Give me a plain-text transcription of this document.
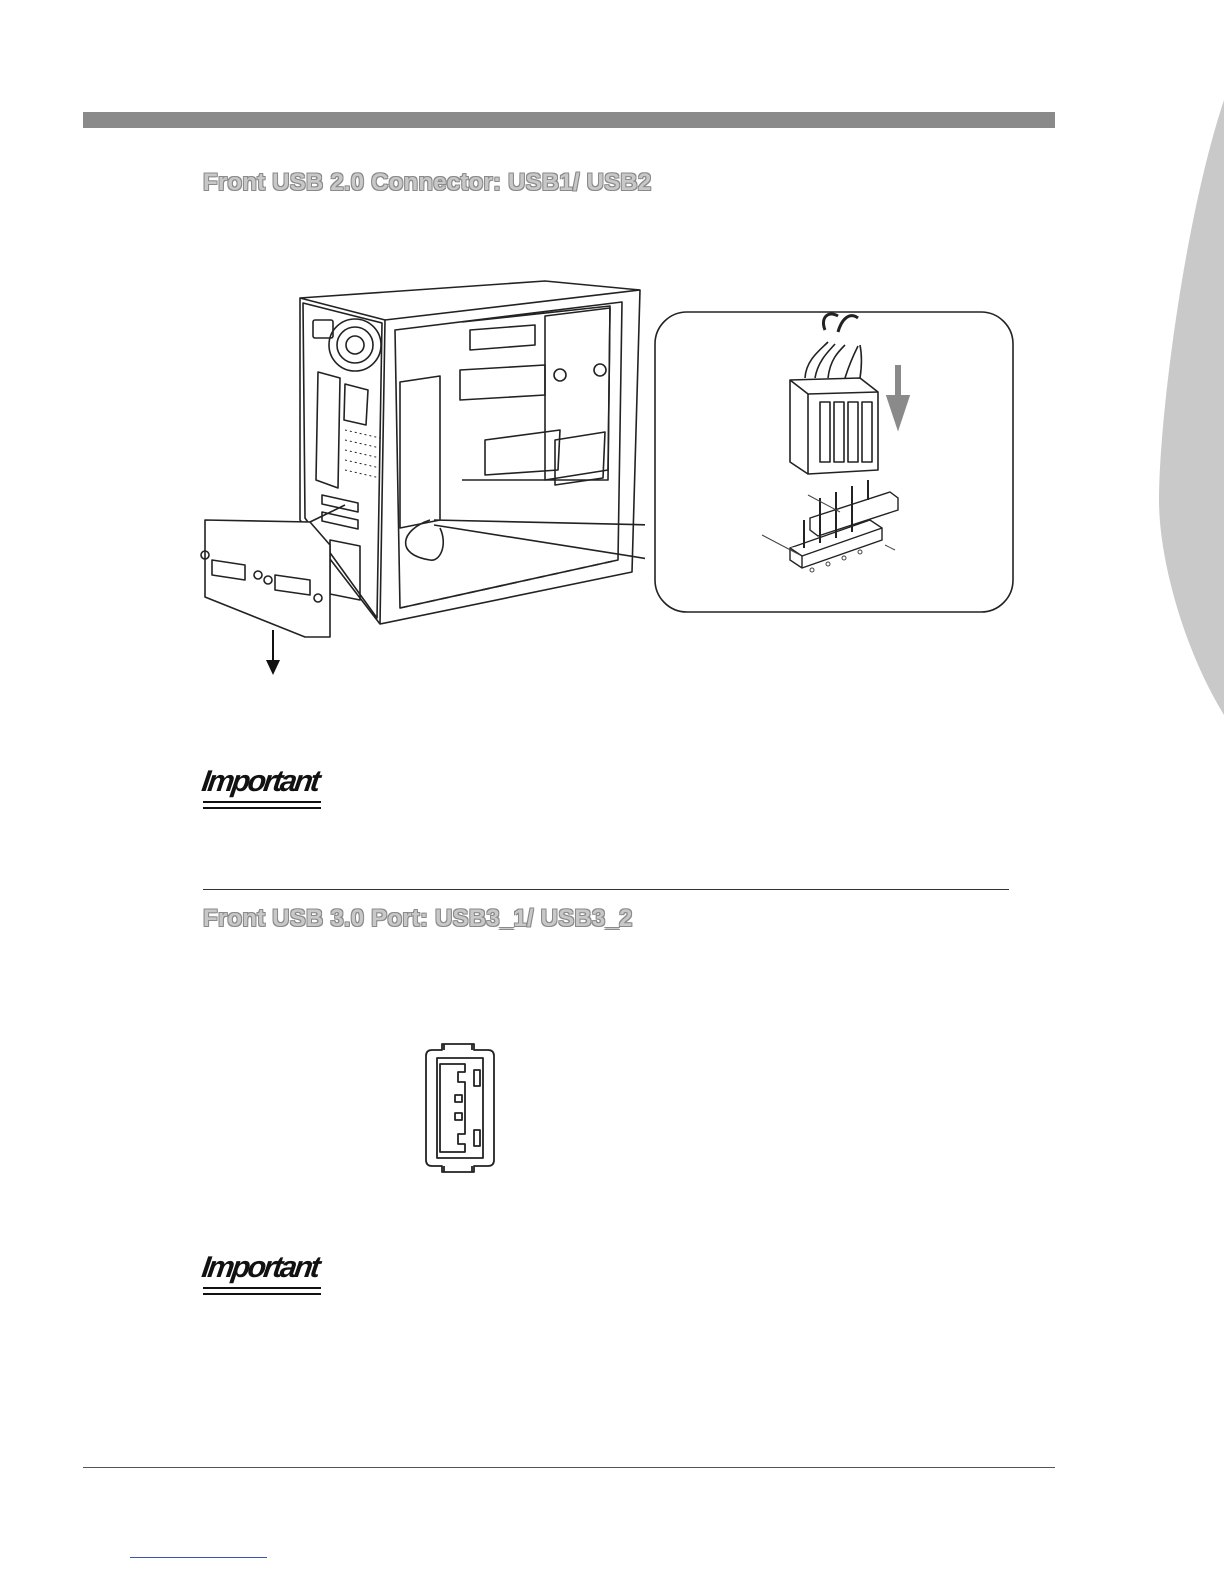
Front USB 2.0 Connector: USB1/ USB2
Important
Front USB 3.0 Port: USB3_1/ USB3_2
Important
